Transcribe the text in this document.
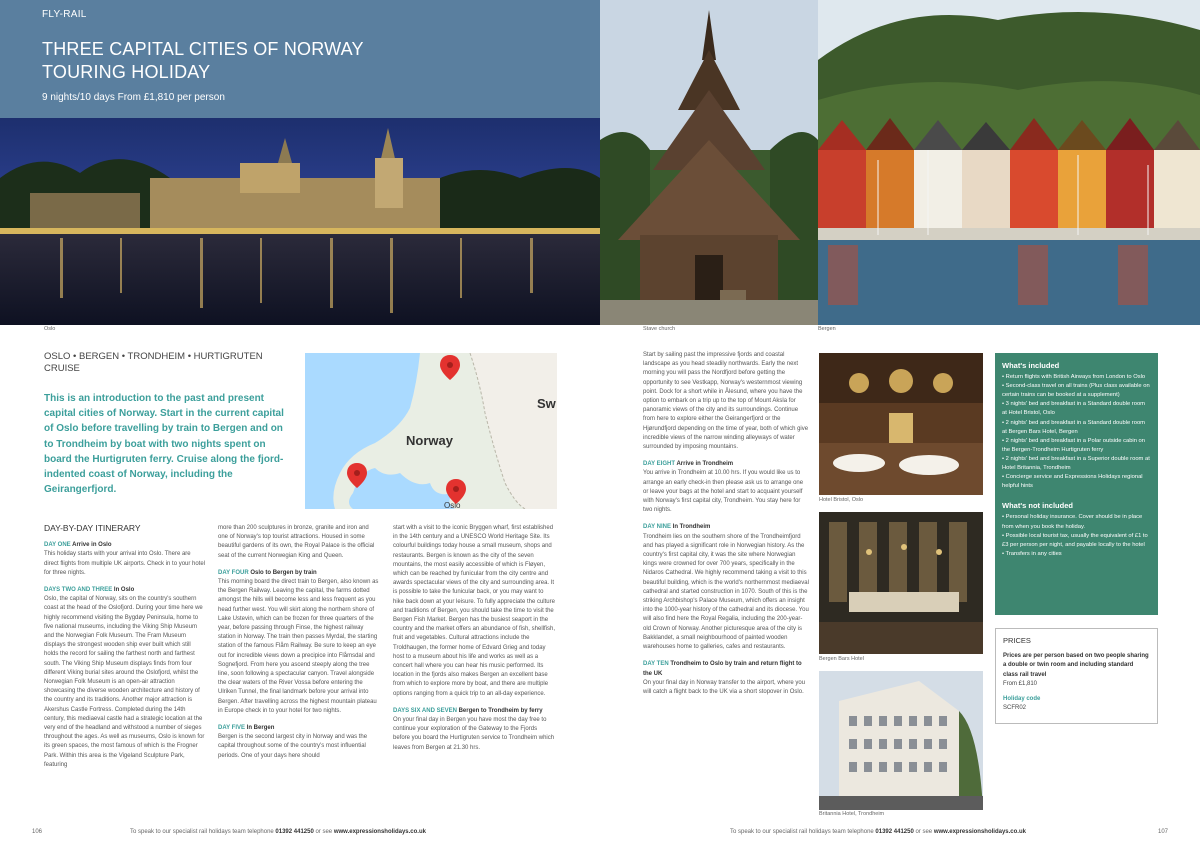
FLY-RAIL
THREE CAPITAL CITIES OF NORWAY
TOURING HOLIDAY
9 nights/10 days From £1,810 per person
Oslo	Stave church	Bergen
OSLO • BERGEN • TRONDHEIM • HURTIGRUTEN CRUISE
This is an introduction to the past and present capital cities of Norway. Start in the current capital of Oslo before travelling by train to Bergen and on to Trondheim by boat with two nights spent on board the Hurtigruten ferry. Cruise along the fjord-indented coast of Norway, including the Geirangerfjord.
Norway
Sw
Oslo
DAY-BY-DAY ITINERARY
DAY ONE Arrive in Oslo

This holiday starts with your arrival into Oslo. There are direct flights from multiple UK airports. Check in to your hotel for three nights.

DAYS TWO AND THREE In Oslo

Oslo, the capital of Norway, sits on the country's southern coast at the head of the Oslofjord. During your time here we highly recommend visiting the Bygdøy Peninsula, home to five national museums, including the Viking Ship Museum and the Norwegian Folk Museum. The Fram Museum displays the strongest wooden ship ever built which still holds the record for sailing the farthest north and farthest south. The Viking Ship Museum displays finds from four different Viking burial sites around the Oslofjord, whilst the Norwegian Folk Museum is an open-air attraction showcasing the diverse wooden architecture and history of the country and its traditions. Another major attraction is Akershus Castle Fortress. Completed during the 14th century, this mediaeval castle had a strategic location at the very end of the headland and withstood a number of sieges throughout the ages. As well as museums, Oslo is known for its green spaces, the most famous of which is the Frogner Park. Within this area is the Vigeland Sculpture Park, featuring

more than 200 sculptures in bronze, granite and iron and one of Norway's top tourist attractions. Housed in some beautiful gardens of its own, the Royal Palace is the official seat of the current Norwegian King and Queen.

DAY FOUR Oslo to Bergen by train

This morning board the direct train to Bergen, also known as the Bergen Railway. Leaving the capital, the farms dotted amongst the hills will become less and less frequent as you head further west. You will skirt along the northern shore of Lake Ustevin, which can be frozen for three quarters of the year, before passing through Finse, the highest railway station in Norway. The train then passes Myrdal, the starting station of the famous Flåm Railway. Be sure to keep an eye out for incredible views down a precipice into Flåmsdal and Sognefjord. From here you ascend steeply along the tree line, soon following a spectacular canyon. Travel alongside the clear waters of the River Vossa before entering the Ulriken Tunnel, the final landmark before your arrival into Bergen. After travelling across the highest mountain plateau in Europe check in to your hotel for two nights.

DAY FIVE In Bergen

Bergen is the second largest city in Norway and was the capital throughout some of the country's most influential periods. One of your days here should

start with a visit to the iconic Bryggen wharf, first established in the 14th century and a UNESCO World Heritage Site. Its colourful buildings today house a small museum, shops and restaurants. Bergen is known as the city of the seven mountains, the most easily accessible of which is Fløyen, which can be reached by funicular from the city centre and awards spectacular views of the city and surrounding area. It is possible to take the funicular back, or you may want to hike back down at your leisure. To fully appreciate the culture and traditions of Bergen, you should take the time to visit the Bergen Fish Market. Bergen has the busiest seaport in the country and the market offers an abundance of fish, shellfish, fruit and vegetables. Cultural attractions include the Troldhaugen, the former home of Edvard Grieg and today host to a museum about his life and works as well as a concert hall where you can hear his music performed. Its location in the fjords also makes Bergen an excellent base from which to explore more by boat, and there are multiple options ranging from a quick trip to an all-day experience.

DAYS SIX AND SEVEN Bergen to Trondheim by ferry

On your final day in Bergen you have most the day free to continue your exploration of the Gateway to the Fjords before you board the Hurtigruten service to Trondheim which leaves from Bergen at 21.30 hrs.

Start by sailing past the impressive fjords and coastal landscape as you head steadily northwards. Early the next morning you will pass the Nordfjord before getting the opportunity to see Vestkapp, Norway's westernmost viewing point. Dock for a short while in Ålesund, where you have the option to embark on a trip up to the top of Mount Aksla for panoramic views of the city and its surroundings. Continue from here to explore either the Geirangerfjord or the Hjørundfjord depending on the time of year, both of which give incredible views of the narrow winding alleyways of water surrounded by imposing mountains.

DAY EIGHT Arrive in Trondheim

You arrive in Trondheim at 10.00 hrs. If you would like us to arrange an early check-in then please ask us to arrange one or leave your bags at the hotel and start to acquaint yourself with Norway's first capital city, Trondheim. You stay here for two nights.

DAY NINE In Trondheim

Trondheim lies on the southern shore of the Trondheimfjord and has played a significant role in Norwegian history. As the country's first capital city, it was the site where Norwegian kings were crowned for over 700 years, specifically in the Nidaros Cathedral. We highly recommend taking a visit to this beautiful building, which is the world's northernmost mediaeval cathedral and started construction in 1070. South of this is the striking Archbishop's Palace Museum, which offers an insight into the 1000-year history of the cathedral and its diocese. You will also find here the Royal Regalia, including the 200-year-old Crown of Norway. Another picturesque area of the city is Bakklandet, a small neighbourhood of painted wooden warehouses home to galleries, cafes and restaurants.

DAY TEN Trondheim to Oslo by train and return flight to the UK

On your final day in Norway transfer to the airport, where you will catch a flight back to the UK via a short stopover in Oslo.

Hotel Bristol, Oslo
Bergen Bars Hotel
Britannia Hotel, Trondheim
What's included
• Return flights with British Airways from London to Oslo
• Second-class travel on all trains (Plus class available on certain trains can be booked at a supplement)
• 3 nights' bed and breakfast in a Standard double room at Hotel Bristol, Oslo
• 2 nights' bed and breakfast in a Standard double room at Bergen Bars Hotel, Bergen
• 2 nights' bed and breakfast in a Polar outside cabin on the Bergen-Trondheim Hurtigruten ferry
• 2 nights' bed and breakfast in a Superior double room at Hotel Britannia, Trondheim
• Concierge service and Expressions Holidays regional helpful hints
What's not included
• Personal holiday insurance. Cover should be in place from when you book the holiday.
• Possible local tourist tax, usually the equivalent of £1 to £3 per person per night, and payable locally to the hotel
• Transfers in any cities
PRICES
Prices are per person based on two people sharing a double or twin room and including standard class rail travel
From £1,810
Holiday code
SCFR02
106	To speak to our specialist rail holidays team telephone 01392 441250 or see www.expressionsholidays.co.uk	To speak to our specialist rail holidays team telephone 01392 441250 or see www.expressionsholidays.co.uk	107
